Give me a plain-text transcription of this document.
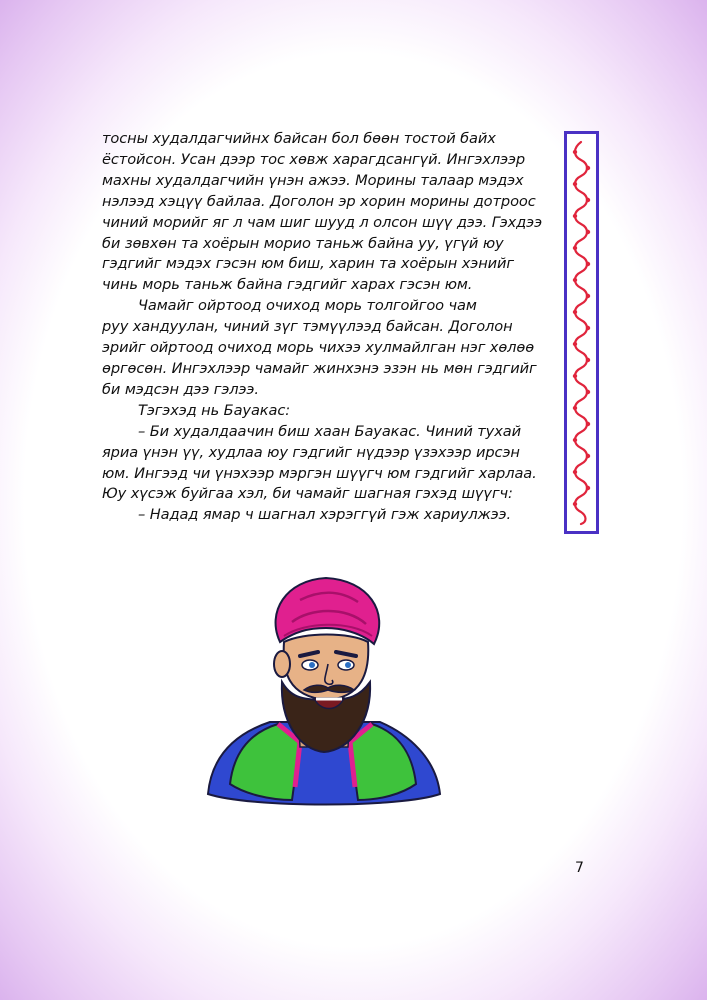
тосны худалдагчийнх байсан бол бөөн тостой байх
ёстойсон. Усан дээр тос хөвж харагдсангүй. Ингэхлээр
махны худалдагчийн үнэн ажээ. Морины талаар мэдэх
нэлээд хэцүү байлаа. Доголон эр хорин морины дотроос
чиний морийг яг л чам шиг шууд л олсон шүү дээ. Гэхдээ
би зөвхөн та хоёрын морио таньж байна уу, үгүй юу
гэдгийг мэдэх гэсэн юм биш, харин та хоёрын хэнийг
чинь морь таньж байна гэдгийг харах гэсэн юм.
Чамайг ойртоод очиход морь толгойгоо чам
руу хандуулан, чиний зүг тэмүүлээд байсан. Доголон
эрийг ойртоод очиход морь чихээ хулмайлган нэг хөлөө
өргөсөн. Ингэхлээр чамайг жинхэнэ эзэн нь мөн гэдгийг
би мэдсэн дээ гэлээ.
Тэгэхэд нь Бауакас:
– Би худалдаачин биш хаан Бауакас. Чиний тухай
яриа үнэн үү, худлаа юу гэдгийг нүдээр үзэхээр ирсэн
юм. Ингээд чи үнэхээр мэргэн шүүгч юм гэдгийг харлаа.
Юу хүсэж буйгаа хэл, би чамайг шагная гэхэд шүүгч:
– Надад ямар ч шагнал хэрэггүй гэж хариулжээ.
7
